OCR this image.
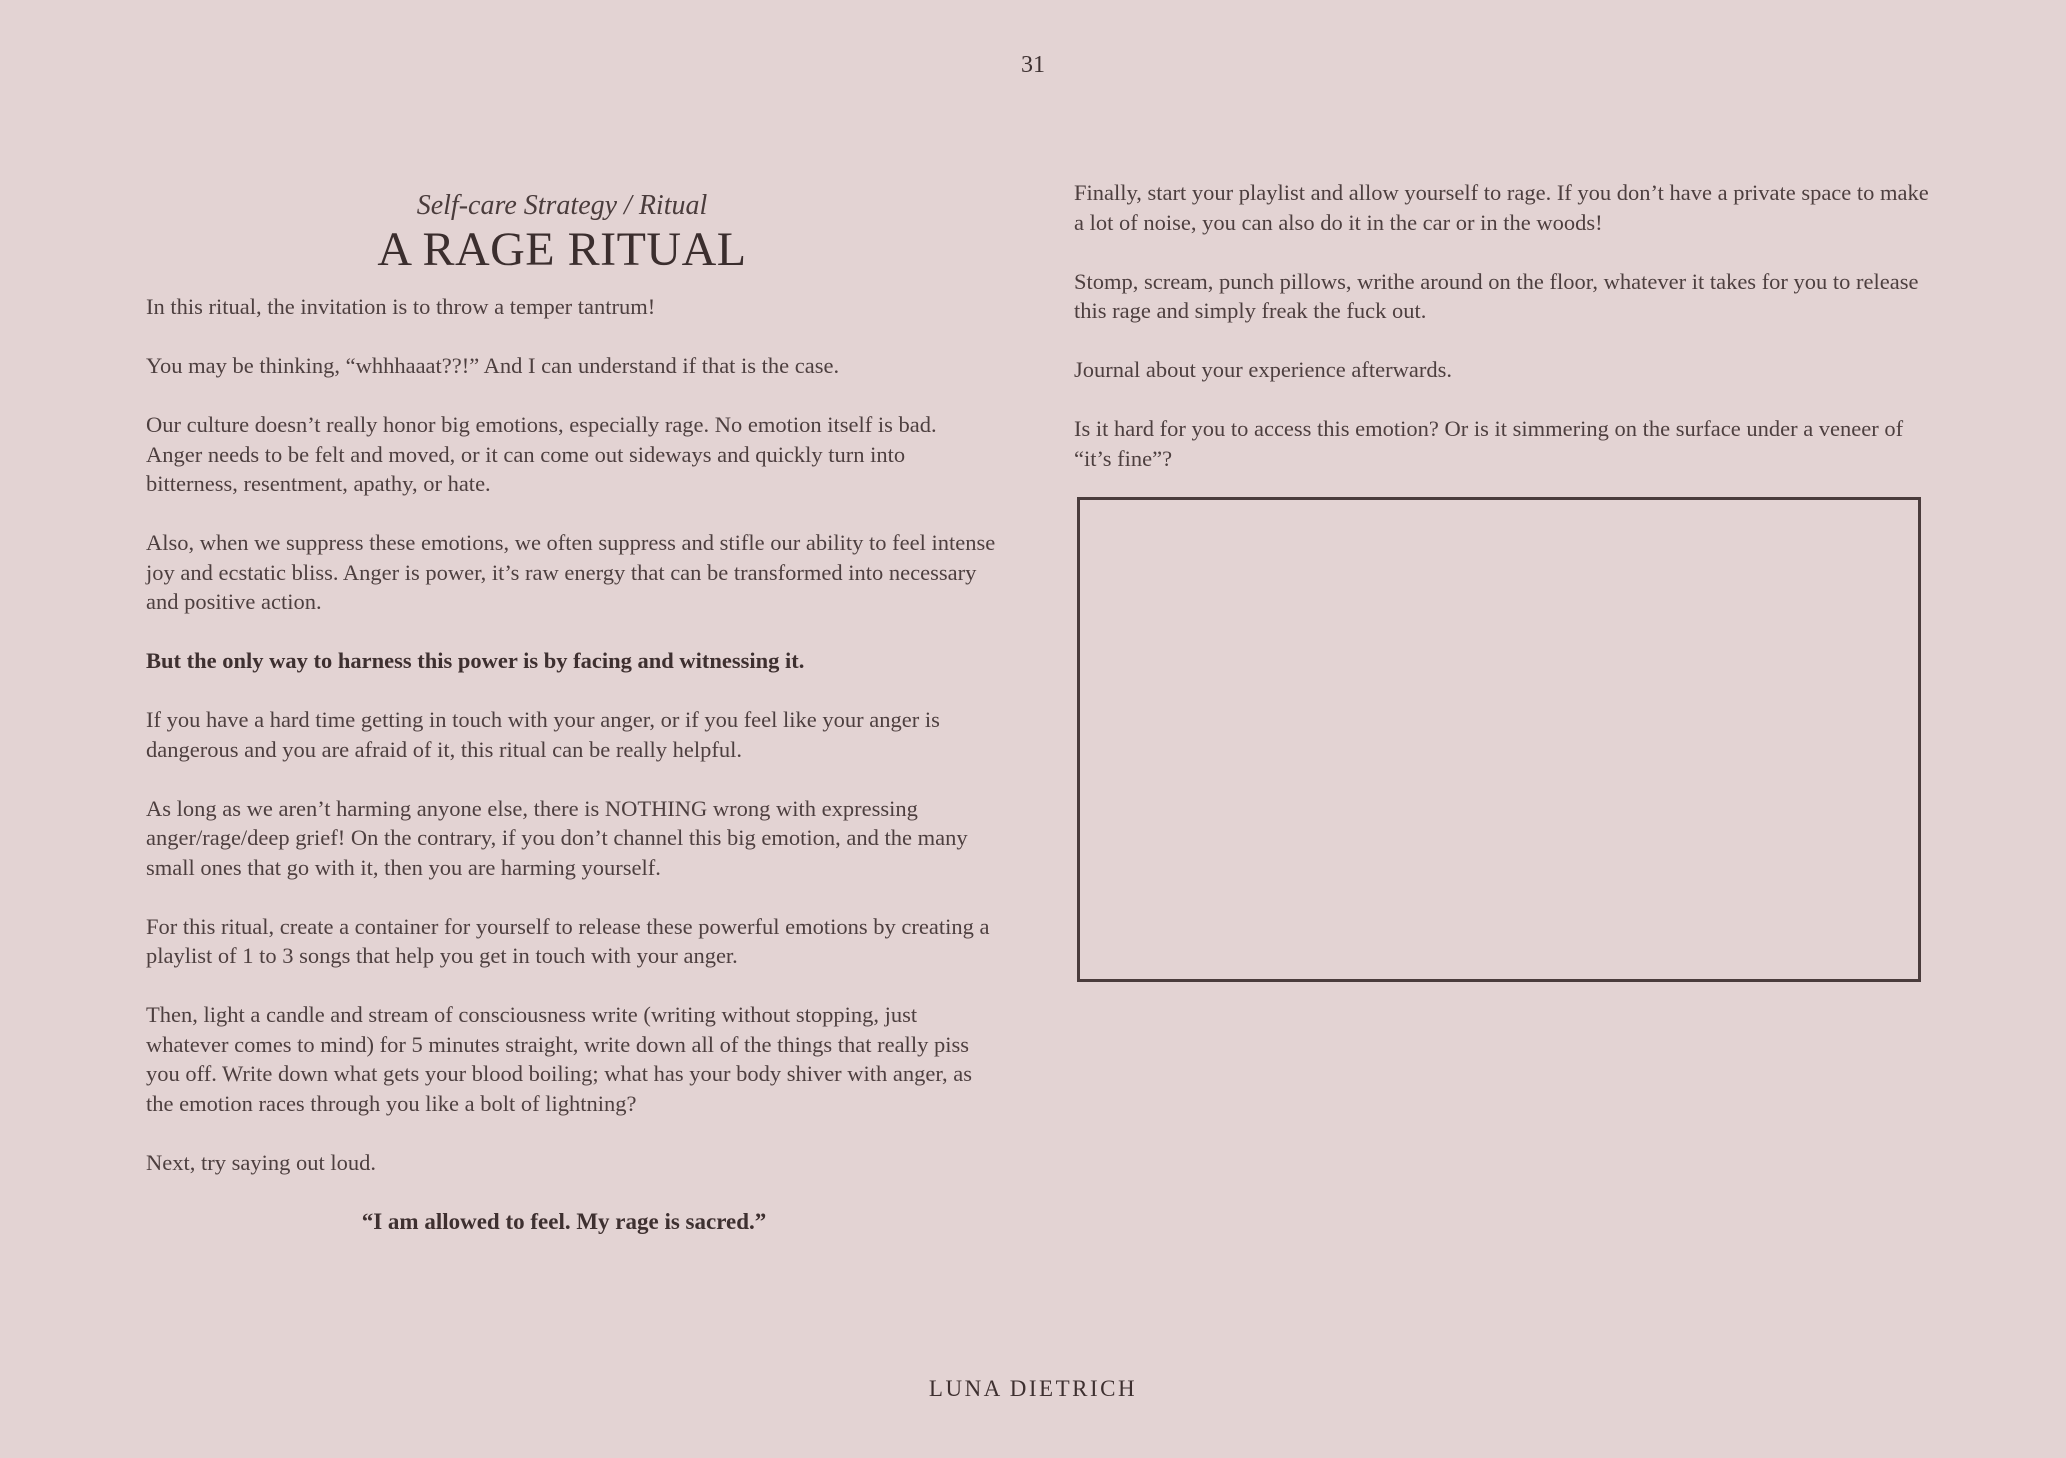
31
Self-care Strategy / Ritual
A RAGE RITUAL

In this ritual, the invitation is to throw a temper tantrum!

You may be thinking, “whhhaaat??!” And I can understand if that is the case.

Our culture doesn’t really honor big emotions, especially rage. No emotion itself is bad. Anger needs to be felt and moved, or it can come out sideways and quickly turn into bitterness, resentment, apathy, or hate.

Also, when we suppress these emotions, we often suppress and stifle our ability to feel intense joy and ecstatic bliss. Anger is power, it’s raw energy that can be transformed into necessary and positive action.

But the only way to harness this power is by facing and witnessing it.

If you have a hard time getting in touch with your anger, or if you feel like your anger is dangerous and you are afraid of it, this ritual can be really helpful.

As long as we aren’t harming anyone else, there is NOTHING wrong with expressing anger/rage/deep grief! On the contrary, if you don’t channel this big emotion, and the many small ones that go with it, then you are harming yourself.

For this ritual, create a container for yourself to release these powerful emotions by creating a playlist of 1 to 3 songs that help you get in touch with your anger.

Then, light a candle and stream of consciousness write (writing without stopping, just whatever comes to mind) for 5 minutes straight, write down all of the things that really piss you off. Write down what gets your blood boiling; what has your body shiver with anger, as the emotion races through you like a bolt of lightning?

Next, try saying out loud.

“I am allowed to feel. My rage is sacred.”

Finally, start your playlist and allow yourself to rage. If you don’t have a private space to make a lot of noise, you can also do it in the car or in the woods!

Stomp, scream, punch pillows, writhe around on the floor, whatever it takes for you to release this rage and simply freak the fuck out.

Journal about your experience afterwards.

Is it hard for you to access this emotion? Or is it simmering on the surface under a veneer of “it’s fine”?

LUNA DIETRICH
